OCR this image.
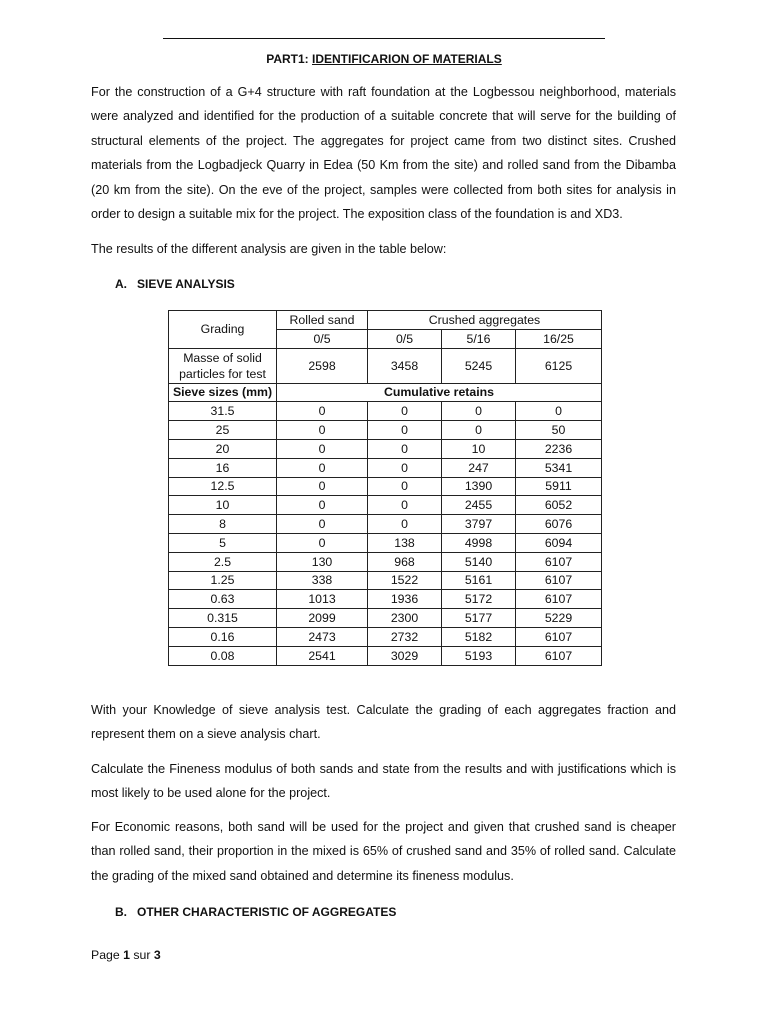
PART1: IDENTIFICARION OF MATERIALS

For the construction of a G+4 structure with raft foundation at the Logbessou neighborhood, materials were analyzed and identified for the production of a suitable concrete that will serve for the building of structural elements of the project. The aggregates for project came from two distinct sites. Crushed materials from the Logbadjeck Quarry in Edea (50 Km from the site) and rolled sand from the Dibamba (20 km from the site). On the eve of the project, samples were collected from both sites for analysis in order to design a suitable mix for the project. The exposition class of the foundation is and XD3.

The results of the different analysis are given in the table below:

A. SIEVE ANALYSIS
Grading	Rolled sand	Crushed aggregates		
	0/5	0/5	5/16	16/25
Masse of solid particles for test	2598	3458	5245	6125
Sieve sizes (mm)	Cumulative retains			
31.5	0	0	0	0
25	0	0	0	50
20	0	0	10	2236
16	0	0	247	5341
12.5	0	0	1390	5911
10	0	0	2455	6052
8	0	0	3797	6076
5	0	138	4998	6094
2.5	130	968	5140	6107
1.25	338	1522	5161	6107
0.63	1013	1936	5172	6107
0.315	2099	2300	5177	5229
0.16	2473	2732	5182	6107
0.08	2541	3029	5193	6107

With your Knowledge of sieve analysis test. Calculate the grading of each aggregates fraction and represent them on a sieve analysis chart.

Calculate the Fineness modulus of both sands and state from the results and with justifications which is most likely to be used alone for the project.

For Economic reasons, both sand will be used for the project and given that crushed sand is cheaper than rolled sand, their proportion in the mixed is 65% of crushed sand and 35% of rolled sand. Calculate the grading of the mixed sand obtained and determine its fineness modulus.

B. OTHER CHARACTERISTIC OF AGGREGATES
Page 1 sur 3
